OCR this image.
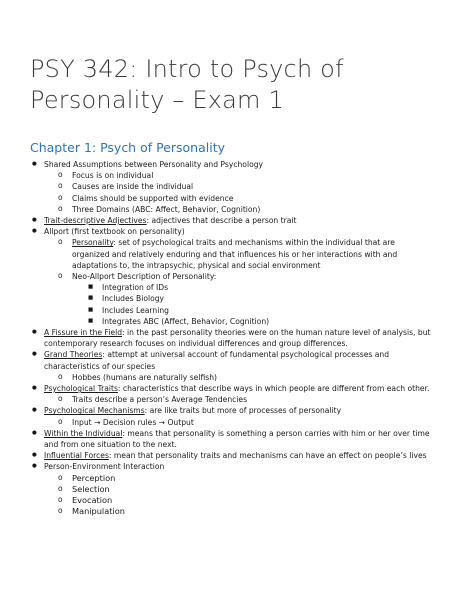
PSY 342: Intro to Psych of
Personality – Exam 1
Chapter 1: Psych of Personality
● Shared Assumptions between Personality and Psychology
o Focus is on individual
o Causes are inside the individual
o Claims should be supported with evidence
o Three Domains (ABC: Affect, Behavior, Cognition)
● Trait-descriptive Adjectives: adjectives that describe a person trait
● Allport (first textbook on personality)
o Personality: set of psychological traits and mechanisms within the individual that are organized and relatively enduring and that influences his or her interactions with and adaptations to, the intrapsychic, physical and social environment
o Neo-Allport Description of Personality:
■ Integration of IDs
■ Includes Biology
■ Includes Learning
■ Integrates ABC (Affect, Behavior, Cognition)
● A Fissure in the Field: in the past personality theories were on the human nature level of analysis, but contemporary research focuses on individual differences and group differences.
● Grand Theories: attempt at universal account of fundamental psychological processes and characteristics of our species
o Hobbes (humans are naturally selfish)
● Psychological Traits: characteristics that describe ways in which people are different from each other.
o Traits describe a person’s Average Tendencies
● Psychological Mechanisms: are like traits but more of processes of personality
o Input → Decision rules → Output
● Within the Individual: means that personality is something a person carries with him or her over time and from one situation to the next.
● Influential Forces: mean that personality traits and mechanisms can have an effect on people’s lives
● Person-Environment Interaction
o Perception
o Selection
o Evocation
o Manipulation
